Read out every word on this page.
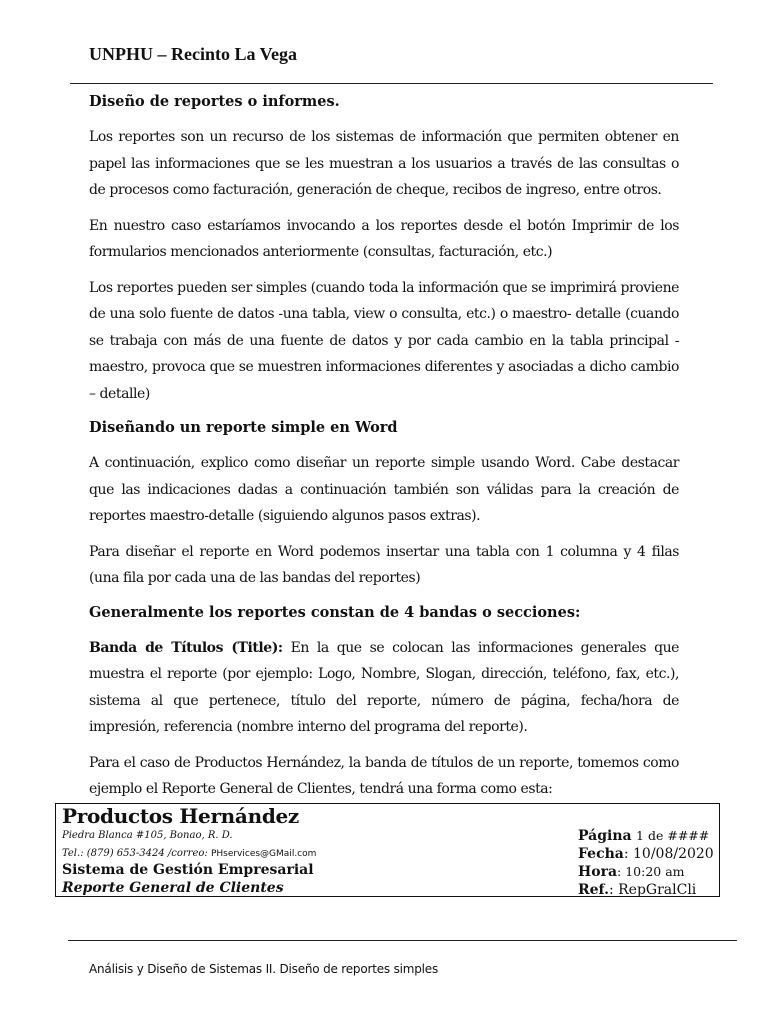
UNPHU – Recinto La Vega
Diseño de reportes o informes.

Los reportes son un recurso de los sistemas de información que permiten obtener en papel las informaciones que se les muestran a los usuarios a través de las consultas o de procesos como facturación, generación de cheque, recibos de ingreso, entre otros.

En nuestro caso estaríamos invocando a los reportes desde el botón Imprimir de los formularios mencionados anteriormente (consultas, facturación, etc.)

Los reportes pueden ser simples (cuando toda la información que se imprimirá proviene de una solo fuente de datos -una tabla, view o consulta, etc.) o maestro- detalle (cuando se trabaja con más de una fuente de datos y por cada cambio en la tabla principal -maestro, provoca que se muestren informaciones diferentes y asociadas a dicho cambio – detalle)

Diseñando un reporte simple en Word

A continuación, explico como diseñar un reporte simple usando Word. Cabe destacar que las indicaciones dadas a continuación también son válidas para la creación de reportes maestro-detalle (siguiendo algunos pasos extras).

Para diseñar el reporte en Word podemos insertar una tabla con 1 columna y 4 filas (una fila por cada una de las bandas del reportes)

Generalmente los reportes constan de 4 bandas o secciones:

Banda de Títulos (Title): En la que se colocan las informaciones generales que muestra el reporte (por ejemplo: Logo, Nombre, Slogan, dirección, teléfono, fax, etc.), sistema al que pertenece, título del reporte, número de página, fecha/hora de impresión, referencia (nombre interno del programa del reporte).

Para el caso de Productos Hernández, la banda de títulos de un reporte, tomemos como ejemplo el Reporte General de Clientes, tendrá una forma como esta:

Productos Hernández
Piedra Blanca #105, Bonao, R. D.
Tel.: (879) 653-3424 /correo: PHservices@GMail.com
Sistema de Gestión Empresarial
Reporte General de Clientes
Página 1 de ####
Fecha: 10/08/2020
Hora: 10:20 am
Ref.: RepGralCli
Análisis y Diseño de Sistemas II. Diseño de reportes simples
